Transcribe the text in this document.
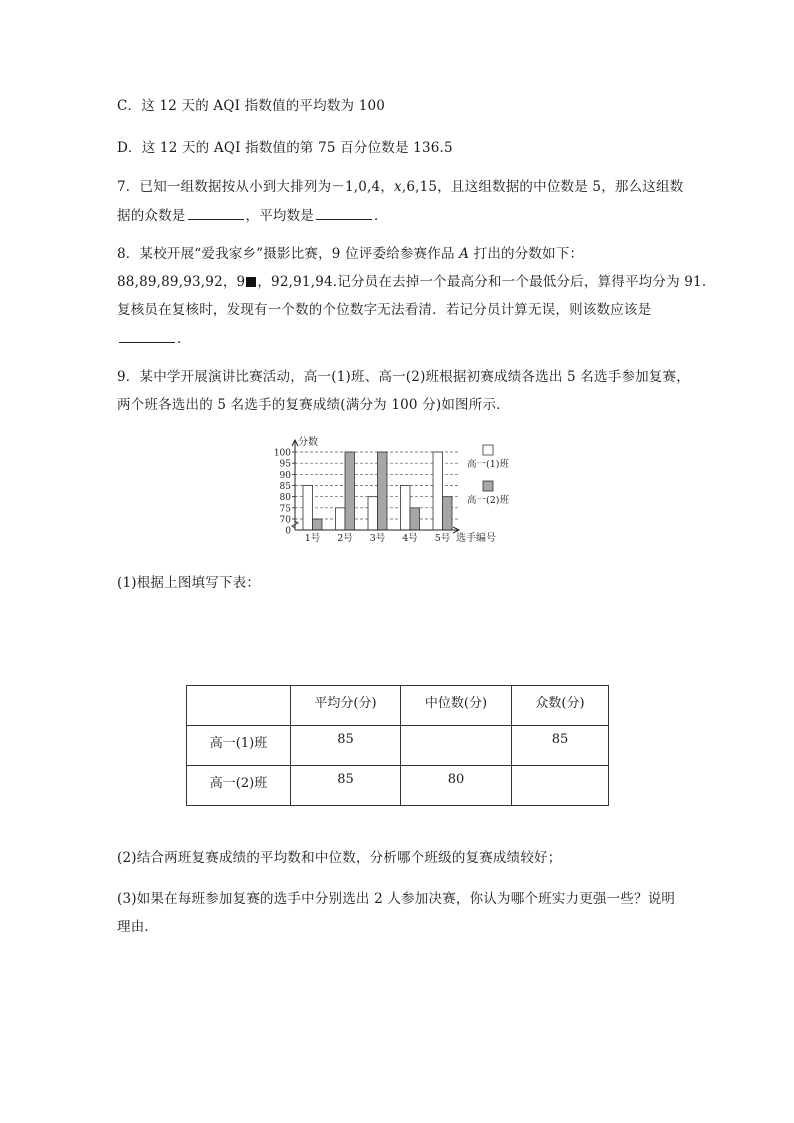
C．这 12 天的 AQI 指数值的平均数为 100
D．这 12 天的 AQI 指数值的第 75 百分位数是 136.5
7．已知一组数据按从小到大排列为－1,0,4，x,6,15，且这组数据的中位数是 5，那么这组数
据的众数是	，平均数是	．
8．某校开展“爱我家乡”摄影比赛，9 位评委给参赛作品 A 打出的分数如下：
88,89,89,93,92，9 ，92,91,94.记分员在去掉一个最高分和一个最低分后，算得平均分为 91.
复核员在复核时，发现有一个数的个位数字无法看清．若记分员计算无误，则该数应该是
．
9．某中学开展演讲比赛活动，高一(1)班、高一(2)班根据初赛成绩各选出 5 名选手参加复赛，
两个班各选出的 5 名选手的复赛成绩(满分为 100 分)如图所示．
0
70
75
80
85
90
95
100
1号 2号 3号 4号 5号
分数
选手编号
高一(1)班
高一(2)班
(1)根据上图填写下表：
	平均分(分)	中位数(分)	众数(分)
高一(1)班	85		85
高一(2)班	85	80	
(2)结合两班复赛成绩的平均数和中位数，分析哪个班级的复赛成绩较好；
(3)如果在每班参加复赛的选手中分别选出 2 人参加决赛，你认为哪个班实力更强一些？说明
理由．
